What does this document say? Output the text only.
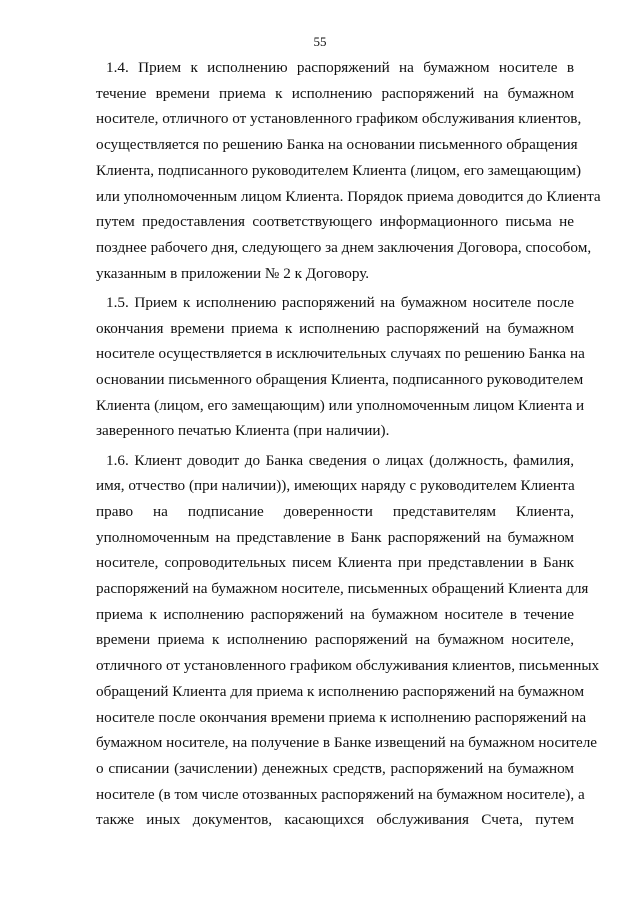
55
1.4. Прием к исполнению распоряжений на бумажном носителе в
течение времени приема к исполнению распоряжений на бумажном
носителе, отличного от установленного графиком обслуживания клиентов,
осуществляется по решению Банка на основании письменного обращения
Клиента, подписанного руководителем Клиента (лицом, его замещающим)
или уполномоченным лицом Клиента. Порядок приема доводится до Клиента
путем предоставления соответствующего информационного письма не
позднее рабочего дня, следующего за днем заключения Договора, способом,
указанным в приложении № 2 к Договору.
1.5. Прием к исполнению распоряжений на бумажном носителе после
окончания времени приема к исполнению распоряжений на бумажном
носителе осуществляется в исключительных случаях по решению Банка на
основании письменного обращения Клиента, подписанного руководителем
Клиента (лицом, его замещающим) или уполномоченным лицом Клиента и
заверенного печатью Клиента (при наличии).
1.6. Клиент доводит до Банка сведения о лицах (должность, фамилия,
имя, отчество (при наличии)), имеющих наряду с руководителем Клиента
право на подписание доверенности представителям Клиента,
уполномоченным на представление в Банк распоряжений на бумажном
носителе, сопроводительных писем Клиента при представлении в Банк
распоряжений на бумажном носителе, письменных обращений Клиента для
приема к исполнению распоряжений на бумажном носителе в течение
времени приема к исполнению распоряжений на бумажном носителе,
отличного от установленного графиком обслуживания клиентов, письменных
обращений Клиента для приема к исполнению распоряжений на бумажном
носителе после окончания времени приема к исполнению распоряжений на
бумажном носителе, на получение в Банке извещений на бумажном носителе
о списании (зачислении) денежных средств, распоряжений на бумажном
носителе (в том числе отозванных распоряжений на бумажном носителе), а
также иных документов, касающихся обслуживания Счета, путем
